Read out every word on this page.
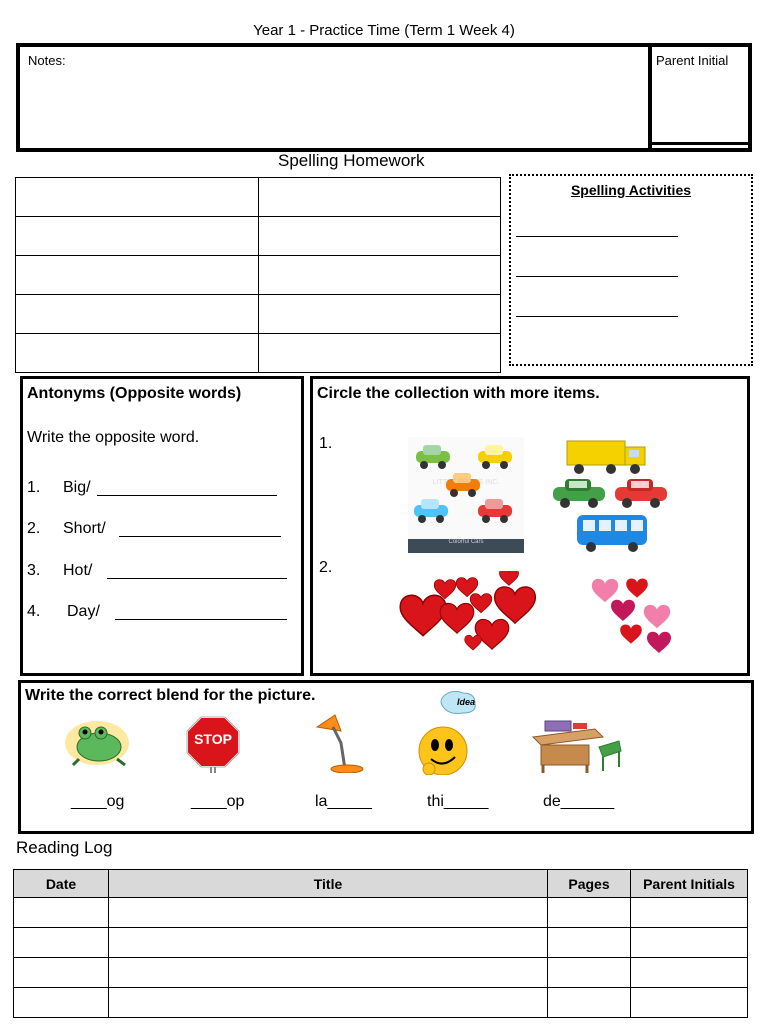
Year 1 - Practice Time (Term 1 Week 4)
Notes:	Parent Initial
Spelling Homework

Spelling Activities
Antonyms (Opposite words)
Write the opposite word.
1. Big/
2. Short/
3. Hot/
4. Day/
Circle the collection with more items.
1.
2.
Colorful Cars
LITTLE PRINTS INC.
Write the correct blend for the picture.
STOP
Idea
____og	____op	la_____	thi_____	de______
Reading Log
Date	Title	Pages	Parent Initials
